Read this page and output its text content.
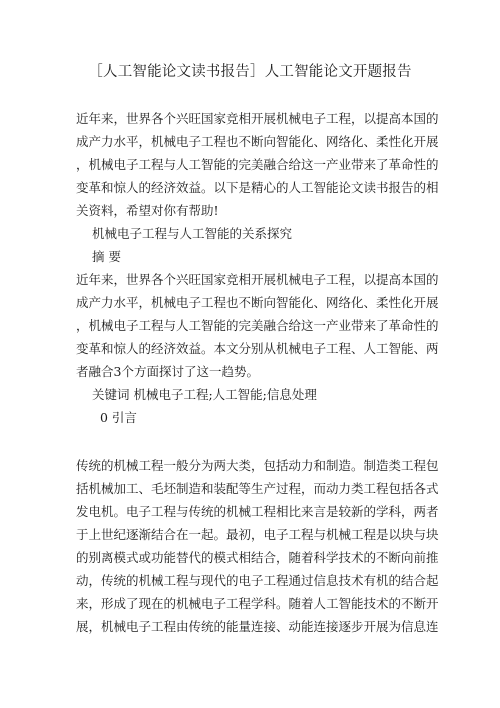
［人工智能论文读书报告］人工智能论文开题报告

近年来，世界各个兴旺国家竞相开展机械电子工程，以提高本国的

成产力水平，机械电子工程也不断向智能化、网络化、柔性化开展

，机械电子工程与人工智能的完美融合给这一产业带来了革命性的

变革和惊人的经济效益。以下是精心的人工智能论文读书报告的相

关资料，希望对你有帮助!

机械电子工程与人工智能的关系探究

摘 要

近年来，世界各个兴旺国家竞相开展机械电子工程，以提高本国的

成产力水平，机械电子工程也不断向智能化、网络化、柔性化开展

，机械电子工程与人工智能的完美融合给这一产业带来了革命性的

变革和惊人的经济效益。本文分别从机械电子工程、人工智能、两

者融合3个方面探讨了这一趋势。

关键词 机械电子工程;人工智能;信息处理

0 引言

传统的机械工程一般分为两大类，包括动力和制造。制造类工程包

括机械加工、毛坯制造和装配等生产过程，而动力类工程包括各式

发电机。电子工程与传统的机械工程相比来言是较新的学科，两者

于上世纪逐渐结合在一起。最初，电子工程与机械工程是以块与块

的别离模式或功能替代的模式相结合，随着科学技术的不断向前推

动，传统的机械工程与现代的电子工程通过信息技术有机的结合起

来，形成了现在的机械电子工程学科。随着人工智能技术的不断开

展，机械电子工程由传统的能量连接、动能连接逐步开展为信息连
